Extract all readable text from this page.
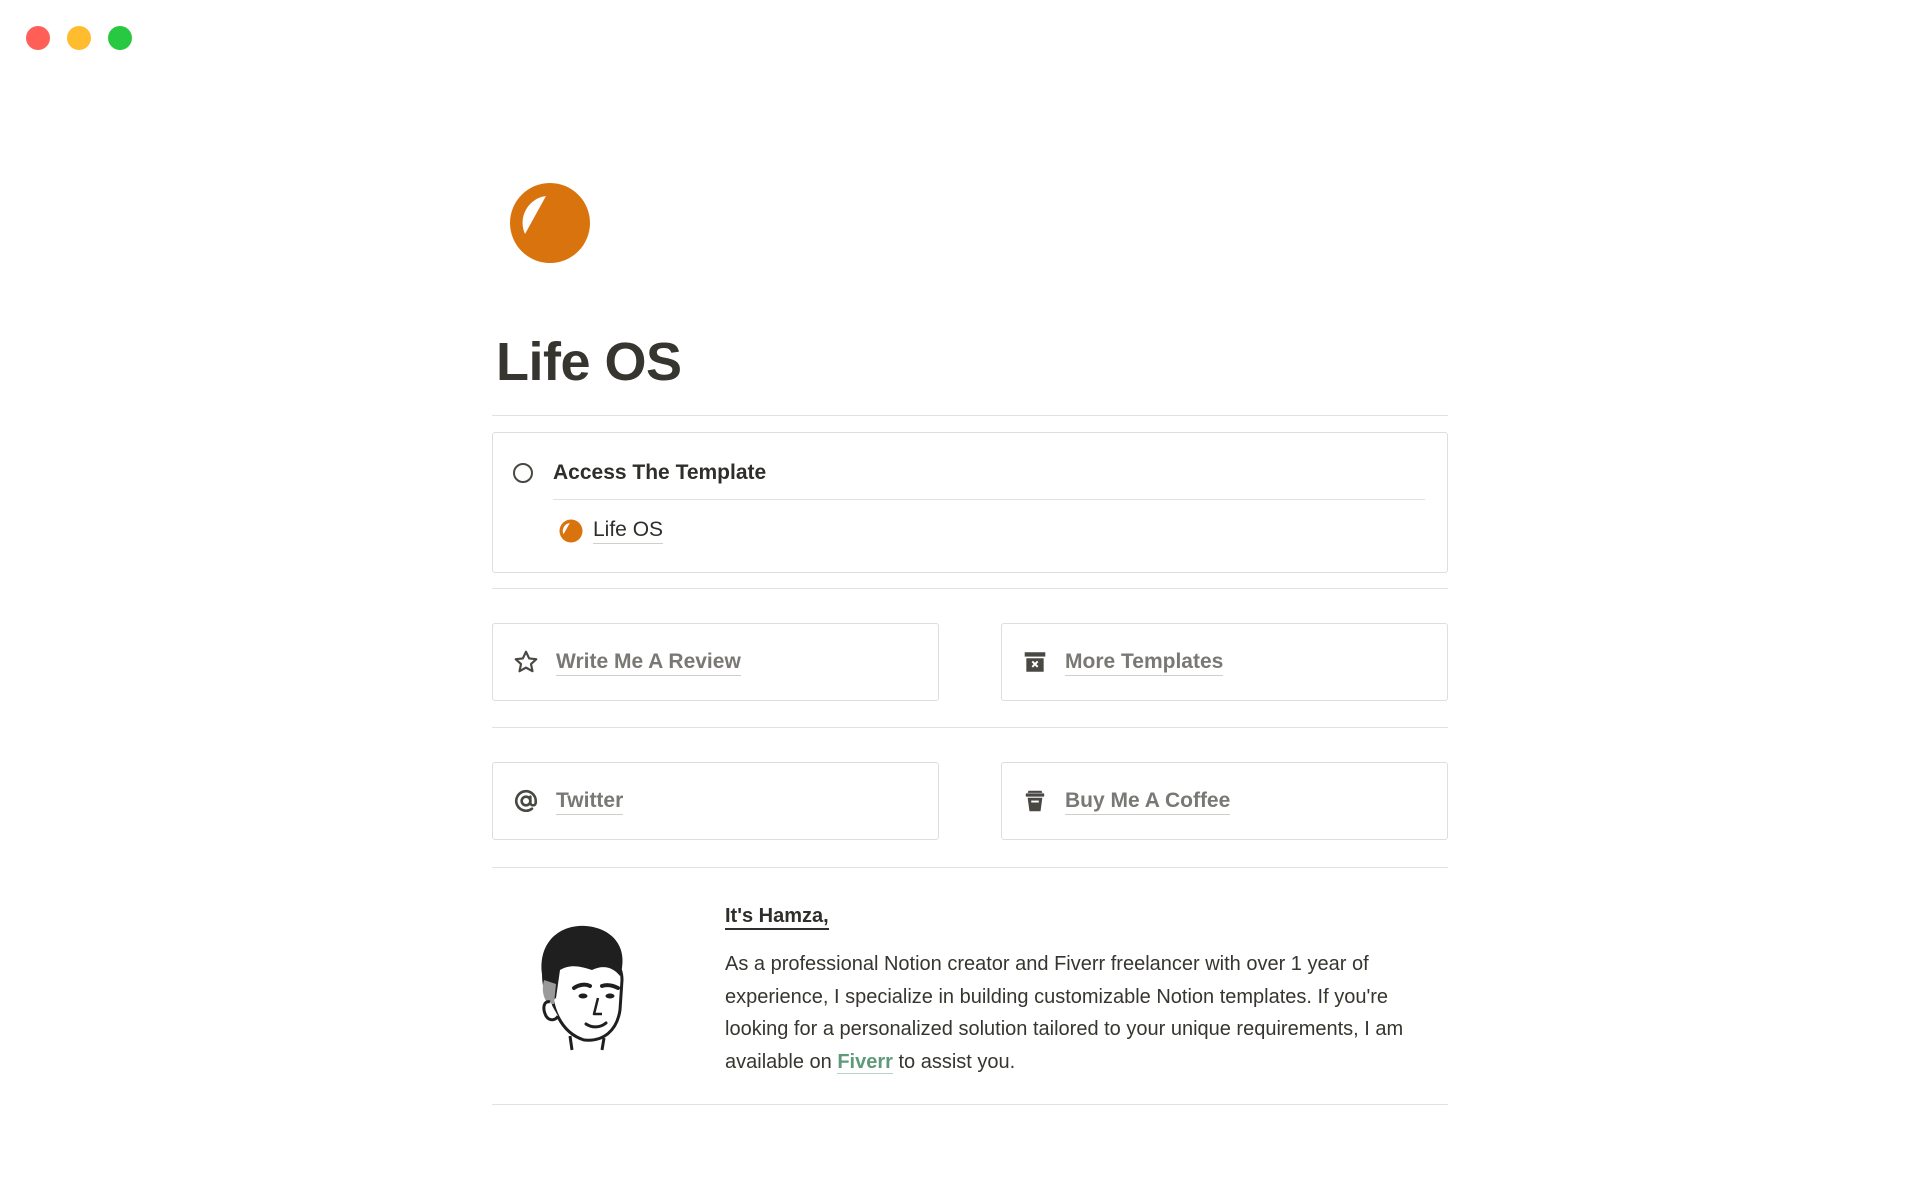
Life OS
Access The Template
Life OS
Write Me A Review	More Templates
Twitter	Buy Me A Coffee
It's Hamza,
As a professional Notion creator and Fiverr freelancer with over 1 year of experience, I specialize in building customizable Notion templates. If you're looking for a personalized solution tailored to your unique requirements, I am available on Fiverr to assist you.
